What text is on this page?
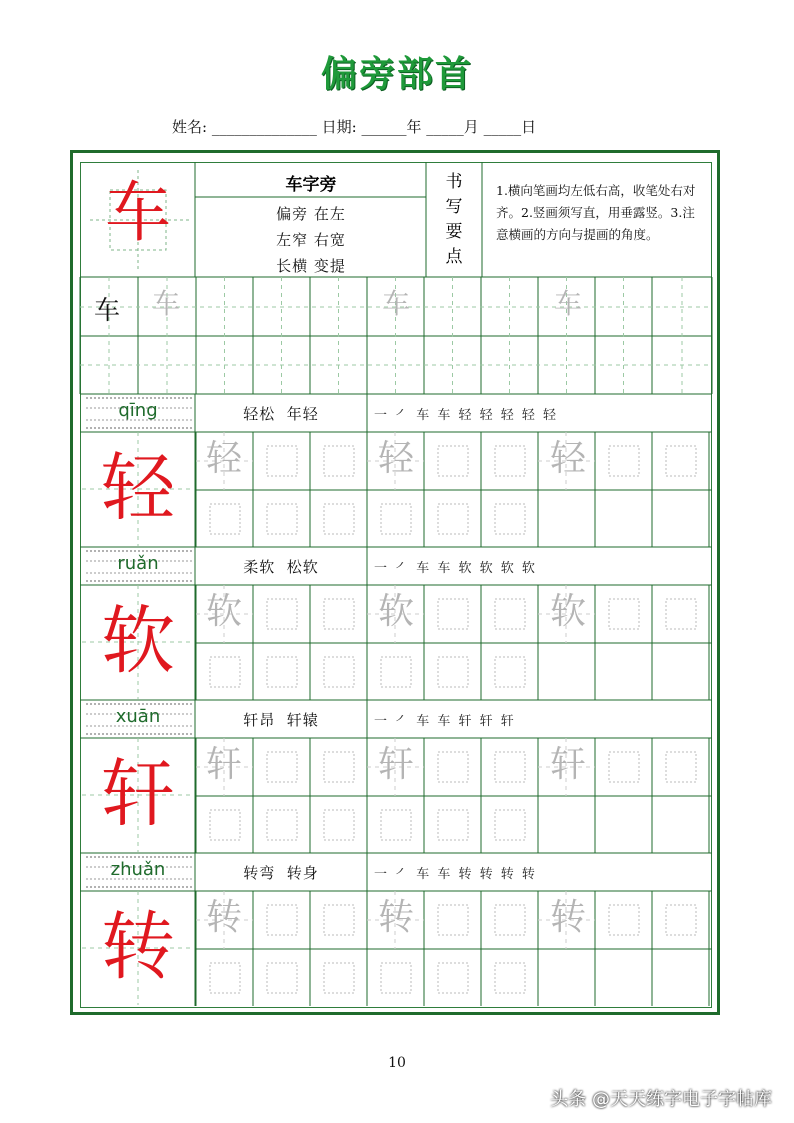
偏旁部首
姓名: ______________ 日期: ______年 _____月 _____日
车	车字旁
偏旁 在左
左窄 右宽
长横 变提
书
写
要
点
1.横向笔画均左低右高，收笔处右对齐。2.竖画须写直，用垂露竖。3.注意横画的方向与提画的角度。
车	车	车	车
qīng	轻松  年轻	一 ㇒ 车 车 轻 轻 轻 轻 轻
轻 轻	轻	轻
ruǎn	柔软  松软	一 ㇒ 车 车 软 软 软 软
软 软	软	软
xuān	轩昂  轩辕	一 ㇒ 车 车 轩 轩 轩
轩 轩	轩	轩
zhuǎn	转弯  转身	一 ㇒ 车 车 转 转 转 转
转 转	转	转
10
头条 @天天练字电子字帖库
